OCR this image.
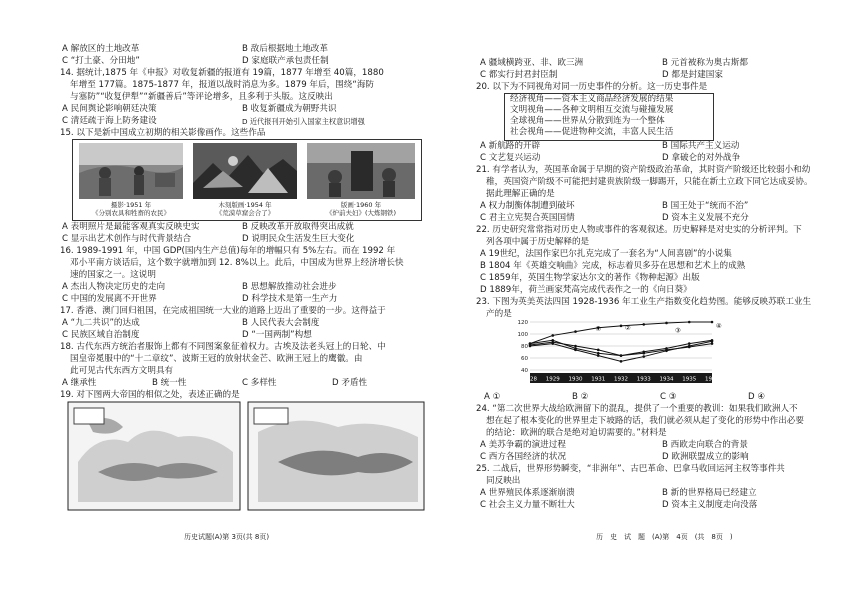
A 解放区的土地改革	B 敌后根据地土地改革
C “打土豪、分田地”	D 家庭联产承包责任制
14. 据统计,1875 年《申报》对收复新疆的报道有 19篇，1877 年增至 40篇，1880
年增至 177篇。1875-1877 年，报道以战时消息为多。1879 年后，围绕“海防
与塞防”“收复伊犁”“新疆善后”等评论增多，且多利于头版。这反映出
A 民间舆论影响朝廷决策	B 收复新疆成为朝野共识
C 清廷疏于海上防务建设	D 近代报刊开始引入国家主权意识增强
15. 以下是新中国成立初期的相关影像画作。这些作品
摄影·1951 年
《分别农具和牲畜的农民》
木刻版画·1954 年
《荒漠草窟会合了》
版画·1960 年
《炉前夫妇》(大炼钢铁)
A 表明照片是最能客观真实反映史实	B 反映改革开放取得突出成就
C 显示出艺术创作与时代背景结合	D 说明民众生活发生巨大变化
16. 1989-1991 年，中国 GDP(国内生产总值)每年的增幅只有 5%左右。而在 1992 年
邓小平南方谈话后，这个数字就增加到 12. 8%以上。此后，中国成为世界上经济增长快
速的国家之一。这说明
A 杰出人物决定历史的走向	B 思想解放推动社会进步
C 中国的发展离不开世界	D 科学技术是第一生产力
17. 香港、澳门回归祖国，在完成祖国统一大业的道路上迈出了重要的一步。这得益于
A “九二共识”的达成	B 人民代表大会制度
C 民族区域自治制度	D “一国两制”构想
18. 古代东西方统治者服饰上都有不同图案象征着权力。古埃及法老头冠上的日轮、中
国皇帝冕服中的“十二章纹”、波斯王冠的放射状金芒、欧洲王冠上的鹰徽。由
此可见古代东西方文明具有
A 继承性	B 统一性	C 多样性	D 矛盾性
19. 对下图两大帝国的相似之处，表述正确的是
历史试题(A)第 3页(共 8页)
A 疆域横跨亚、非、欧三洲	B 元首被称为奥古斯都
C 都实行封君封臣制	D 都是封建国家
20. 以下为不同视角对同一历史事件的分析。这一历史事件是
经济视角——资本主义商品经济发展的结果
文明视角——各种文明相互交流与碰撞发展
全球视角——世界从分散到连为一个整体
社会视角——促进物种交流，丰富人民生活
A 新航路的开辟	B 国际共产主义运动
C 文艺复兴运动	D 拿破仑的对外战争
21. 有学者认为，英国革命属于早期的资产阶级政治革命，其时资产阶级还比较弱小和幼
稚，英国资产阶级不可能把封建贵族阶级一脚踢开，只能在新土立政下同它达成妥协。
据此理解正确的是
A 权力制衡体制遭到破坏	B 国王处于“统而不治”
C 君主立宪契合英国国情	D 资本主义发展不充分
22. 历史研究常常指对历史人物或事件的客观叙述。历史解释是对史实的分析评判。下
列各项中属于历史解释的是
A 19世纪，法国作家巴尔扎克完成了一套名为“人间喜剧”的小说集
B 1804 年《英雄交响曲》完成，标志着贝多芬在思想和艺术上的成熟
C 1859年，英国生物学家达尔文的著作《物种起源》出版
D 1889年，荷兰画家梵高完成代表作之一的《向日葵》
23. 下图为英美英法四国 1928-1936 年工业生产指数变化趋势图。能够反映苏联工业生
产的是
40
60
80
100
120
1928 1929 1930 1931 1932 1933 1934 1935 1936
①	②	③
④
A ①	B ②	C ③	D ④
24. “第二次世界大战给欧洲留下的混乱，提供了一个重要的教训：如果我们欧洲人不
想在起了根本变化的世界里走下坡路的话，我们就必须从起了变化的形势中作出必要
的结论：欧洲的联合是绝对迫切需要的。”材料是
A 美苏争霸的演进过程	B 西欧走向联合的背景
C 西方各国经济的状况	D 欧洲联盟成立的影响
25. 二战后，世界形势瞬变，“非洲年”、古巴革命、巴拿马收回运河主权等事件共
同反映出
A 世界殖民体系逐渐崩溃	B 新的世界格局已经建立
C 社会主义力量不断壮大	D 资本主义制度走向没落
历　史　试　题　(A)第　4页　(共　8页　)
